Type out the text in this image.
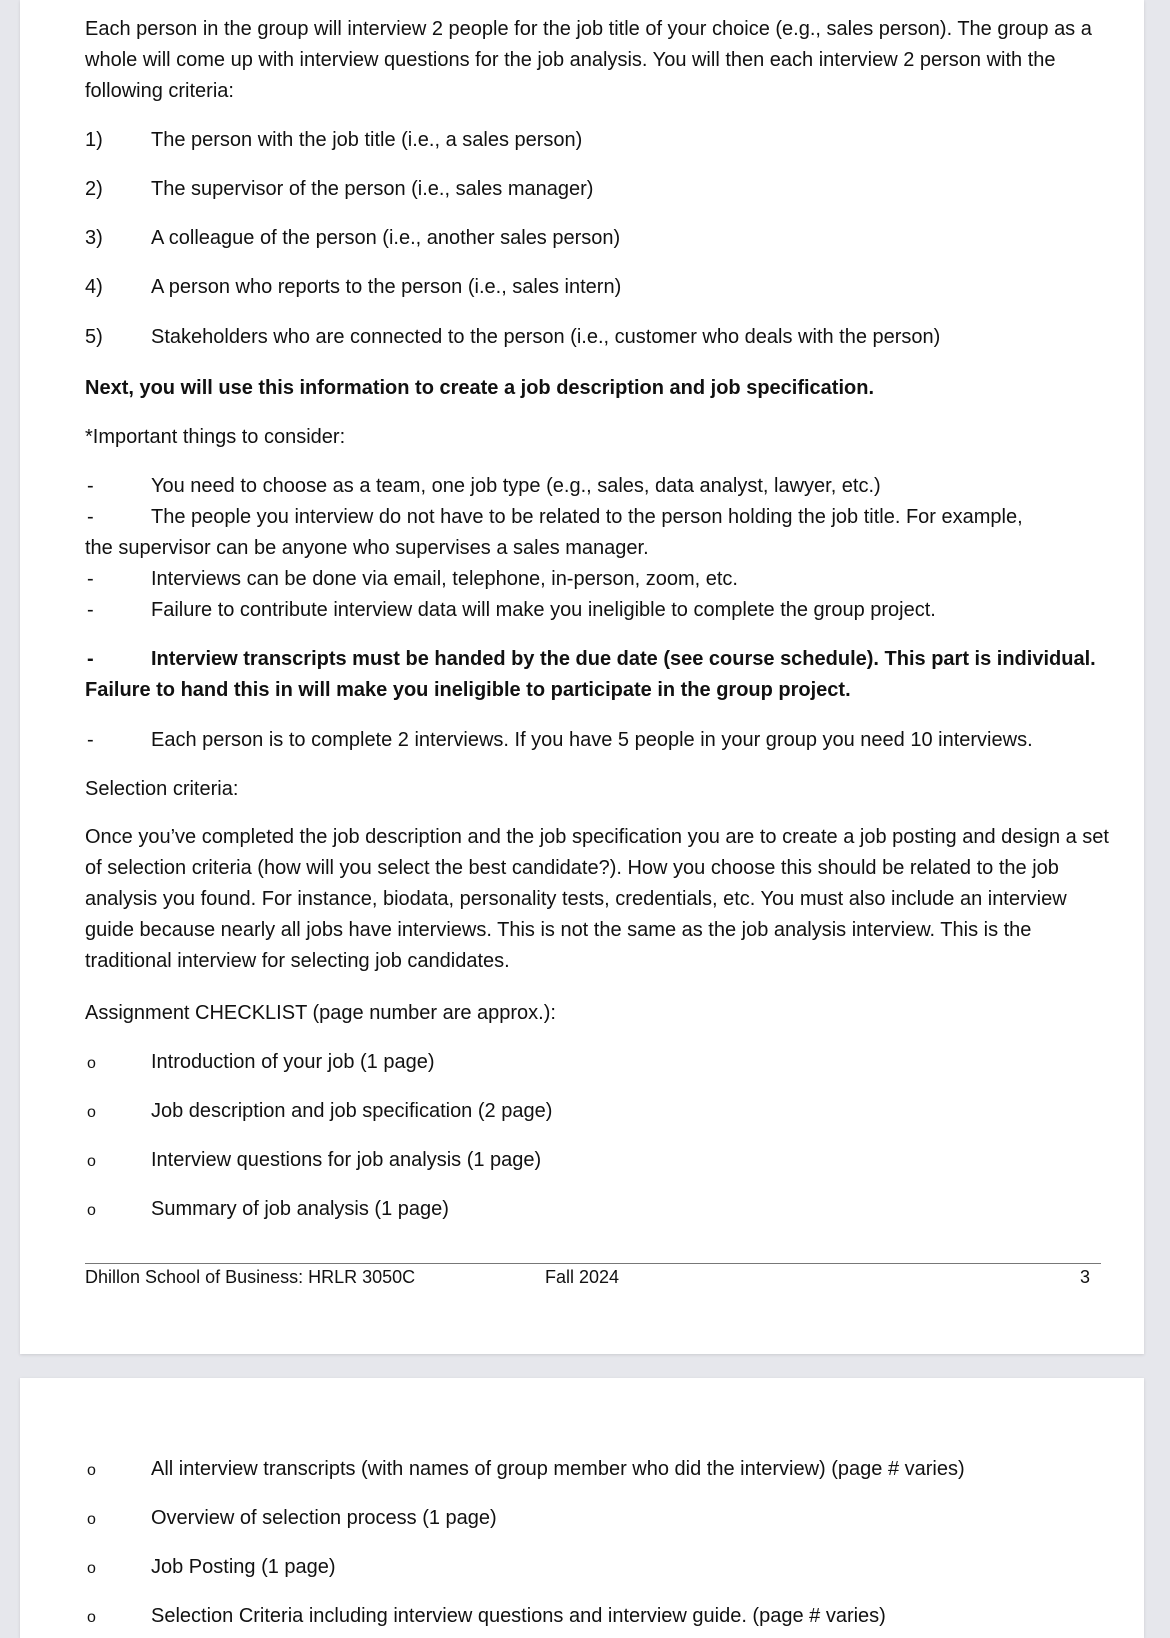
Each person in the group will interview 2 people for the job title of your choice (e.g., sales person). The group as a whole will come up with interview questions for the job analysis. You will then each interview 2 person with the following criteria:

1) The person with the job title (i.e., a sales person)
2) The supervisor of the person (i.e., sales manager)
3) A colleague of the person (i.e., another sales person)
4) A person who reports to the person (i.e., sales intern)
5) Stakeholders who are connected to the person (i.e., customer who deals with the person)
Next, you will use this information to create a job description and job specification.
*Important things to consider:
-	You need to choose as a team, one job type (e.g., sales, data analyst, lawyer, etc.)
-	The people you interview do not have to be related to the person holding the job title. For example,
the supervisor can be anyone who supervises a sales manager.
-	Interviews can be done via email, telephone, in-person, zoom, etc.
-	Failure to contribute interview data will make you ineligible to complete the group project.
-	Interview transcripts must be handed by the due date (see course schedule). This part is individual.
Failure to hand this in will make you ineligible to participate in the group project.
-	Each person is to complete 2 interviews. If you have 5 people in your group you need 10 interviews.
Selection criteria:

Once you’ve completed the job description and the job specification you are to create a job posting and design a set of selection criteria (how will you select the best candidate?). How you choose this should be related to the job analysis you found. For instance, biodata, personality tests, credentials, etc. You must also include an interview guide because nearly all jobs have interviews. This is not the same as the job analysis interview. This is the traditional interview for selecting job candidates.

Assignment CHECKLIST (page number are approx.):
o	Introduction of your job (1 page)
o	Job description and job specification (2 page)
o	Interview questions for job analysis (1 page)
o	Summary of job analysis (1 page)
Dhillon School of Business: HRLR 3050C	Fall 2024	3
o	All interview transcripts (with names of group member who did the interview) (page # varies)
o	Overview of selection process (1 page)
o	Job Posting (1 page)
o	Selection Criteria including interview questions and interview guide. (page # varies)
